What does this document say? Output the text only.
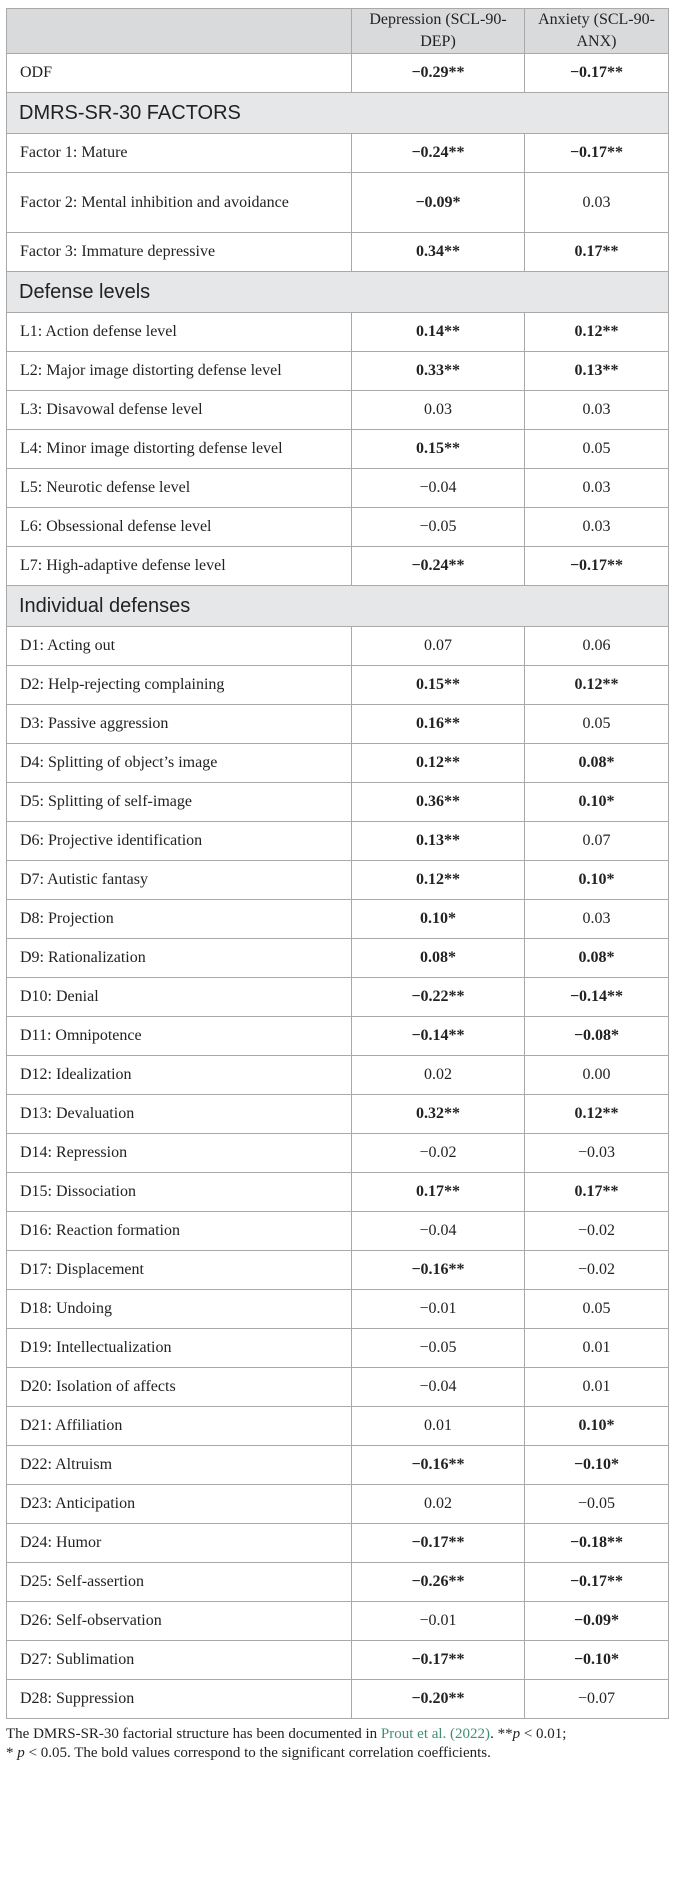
	Depression (SCL-90-DEP)	Anxiety (SCL-90-ANX)
ODF	−0.29**	−0.17**
DMRS-SR-30 FACTORS		
Factor 1: Mature	−0.24**	−0.17**
Factor 2: Mental inhibition and avoidance	−0.09*	0.03
Factor 3: Immature depressive	0.34**	0.17**
Defense levels		
L1: Action defense level	0.14**	0.12**
L2: Major image distorting defense level	0.33**	0.13**
L3: Disavowal defense level	0.03	0.03
L4: Minor image distorting defense level	0.15**	0.05
L5: Neurotic defense level	−0.04	0.03
L6: Obsessional defense level	−0.05	0.03
L7: High-adaptive defense level	−0.24**	−0.17**
Individual defenses		
D1: Acting out	0.07	0.06
D2: Help-rejecting complaining	0.15**	0.12**
D3: Passive aggression	0.16**	0.05
D4: Splitting of object’s image	0.12**	0.08*
D5: Splitting of self-image	0.36**	0.10*
D6: Projective identification	0.13**	0.07
D7: Autistic fantasy	0.12**	0.10*
D8: Projection	0.10*	0.03
D9: Rationalization	0.08*	0.08*
D10: Denial	−0.22**	−0.14**
D11: Omnipotence	−0.14**	−0.08*
D12: Idealization	0.02	0.00
D13: Devaluation	0.32**	0.12**
D14: Repression	−0.02	−0.03
D15: Dissociation	0.17**	0.17**
D16: Reaction formation	−0.04	−0.02
D17: Displacement	−0.16**	−0.02
D18: Undoing	−0.01	0.05
D19: Intellectualization	−0.05	0.01
D20: Isolation of affects	−0.04	0.01
D21: Affiliation	0.01	0.10*
D22: Altruism	−0.16**	−0.10*
D23: Anticipation	0.02	−0.05
D24: Humor	−0.17**	−0.18**
D25: Self-assertion	−0.26**	−0.17**
D26: Self-observation	−0.01	−0.09*
D27: Sublimation	−0.17**	−0.10*
D28: Suppression	−0.20**	−0.07
The DMRS-SR-30 factorial structure has been documented in Prout et al. (2022). **p < 0.01;
* p < 0.05. The bold values correspond to the significant correlation coefficients.
